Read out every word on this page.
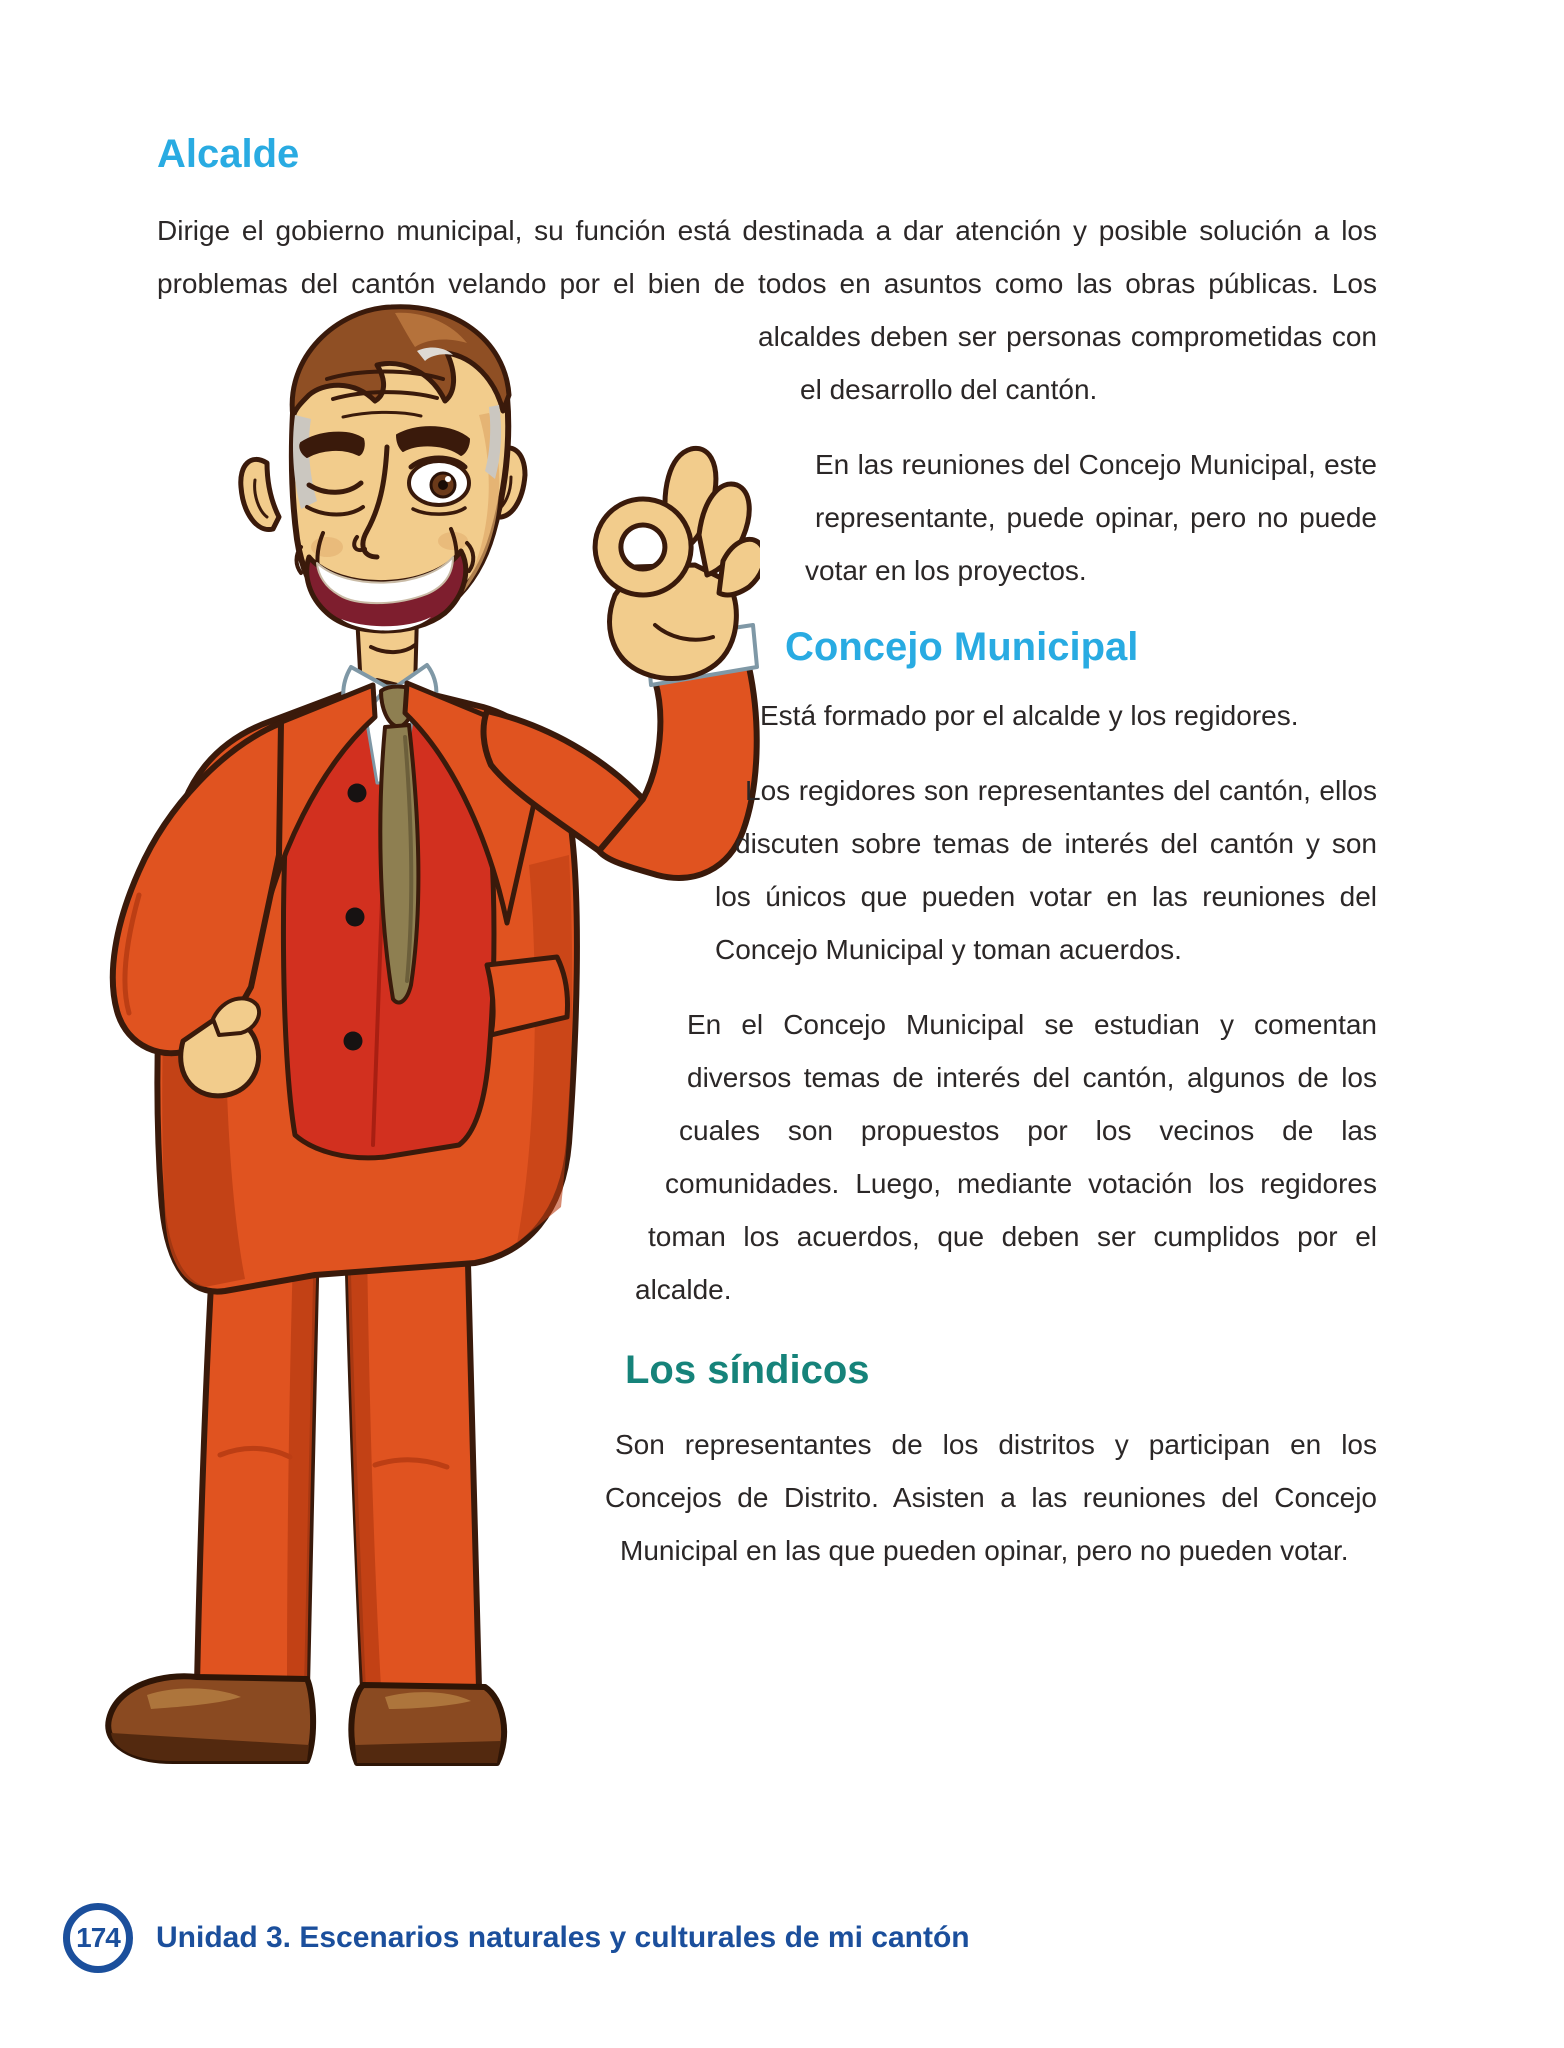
Alcalde

Dirige el gobierno municipal, su función está destinada a dar atención y posible solución a los problemas del cantón velando por el bien de todos en asuntos como las obras públicas. Los alcaldes deben ser personas comprometidas con el desarrollo del cantón.

En las reuniones del Concejo Municipal, este representante, puede opinar, pero no puede votar en los proyectos.

Concejo Municipal

Está formado por el alcalde y los regidores.

Los regidores son representantes del cantón, ellos discuten sobre temas de interés del cantón y son los únicos que pueden votar en las reuniones del Concejo Municipal y toman acuerdos.

En el Concejo Municipal se estudian y comentan diversos temas de interés del cantón, algunos de los cuales son propuestos por los vecinos de las comunidades. Luego, mediante votación los regidores toman los acuerdos, que deben ser cumplidos por el alcalde.

Los síndicos

Son representantes de los distritos y participan en los Concejos de Distrito. Asisten a las reuniones del Concejo Municipal en las que pueden opinar, pero no pueden votar.

174 Unidad 3. Escenarios naturales y culturales de mi cantón
